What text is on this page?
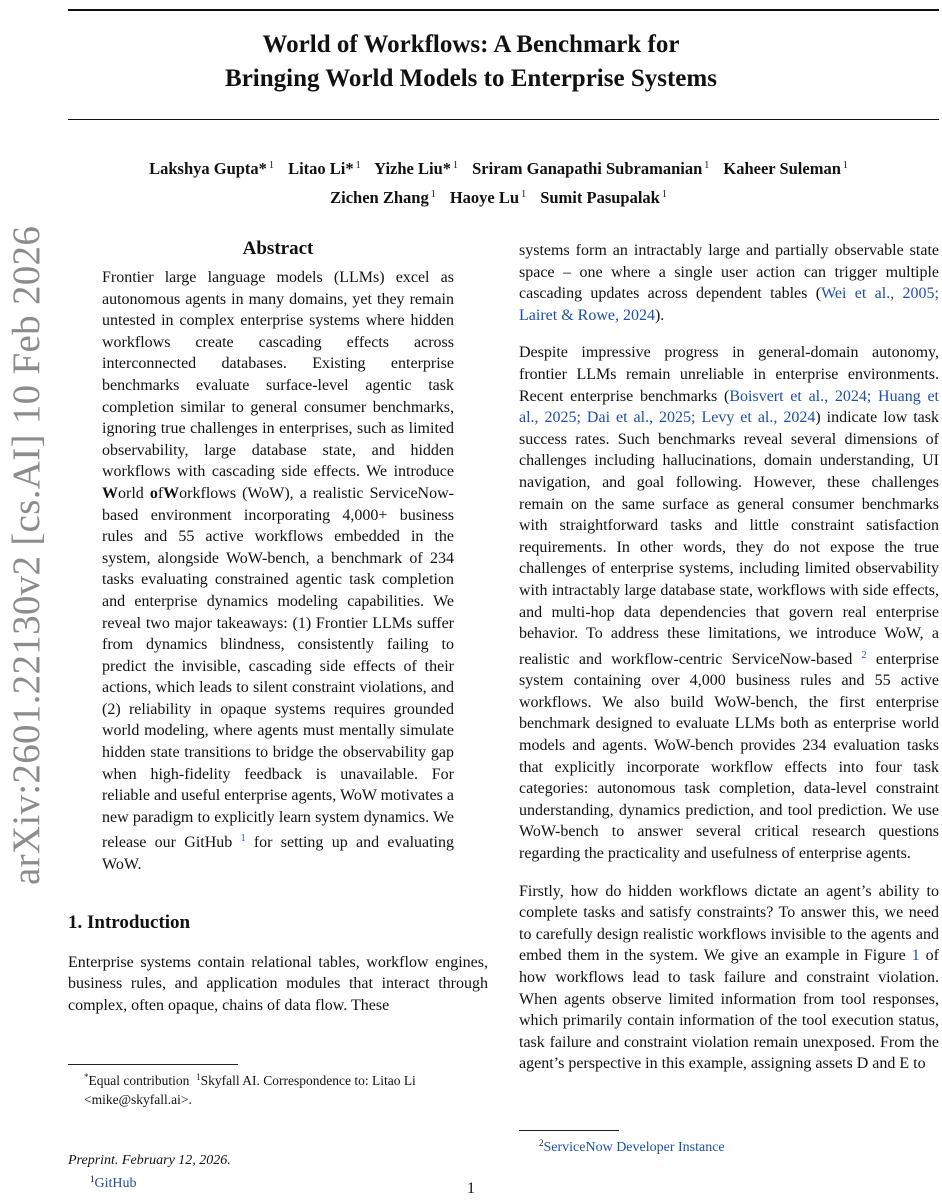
World of Workflows: A Benchmark for
Bringing World Models to Enterprise Systems
Lakshya Gupta* $^1$ Litao Li* $^1$ Yizhe Liu* $^1$ Sriram Ganapathi Subramanian $^1$ Kaheer Suleman $^1$
Zichen Zhang $^1$ Haoye Lu $^1$ Sumit Pasupalak $^1$
arXiv:2601.22130v2 [cs.AI] 10 Feb 2026	Abstract
Frontier large language models (LLMs) excel as autonomous agents in many domains, yet they remain untested in complex enterprise systems where hidden workflows create cascading effects across interconnected databases. Existing enterprise benchmarks evaluate surface-level agentic task completion similar to general consumer benchmarks, ignoring true challenges in enterprises, such as limited observability, large database state, and hidden workflows with cascading side effects. We introduce World ofWorkflows (WoW), a realistic ServiceNow-based environment incorporating 4,000+ business rules and 55 active workflows embedded in the system, alongside WoW-bench, a benchmark of 234 tasks evaluating constrained agentic task completion and enterprise dynamics modeling capabilities. We reveal two major takeaways: (1) Frontier LLMs suffer from dynamics blindness, consistently failing to predict the invisible, cascading side effects of their actions, which leads to silent constraint violations, and (2) reliability in opaque systems requires grounded world modeling, where agents must mentally simulate hidden state transitions to bridge the observability gap when high-fidelity feedback is unavailable. For reliable and useful enterprise agents, WoW motivates a new paradigm to explicitly learn system dynamics. We release our GitHub $^1$ for setting up and evaluating WoW.
1. Introduction

Enterprise systems contain relational tables, workflow engines, business rules, and application modules that interact through complex, often opaque, chains of data flow. These

systems form an intractably large and partially observable state space – one where a single user action can trigger multiple cascading updates across dependent tables (Wei et al., 2005; Lairet & Rowe, 2024).

Despite impressive progress in general-domain autonomy, frontier LLMs remain unreliable in enterprise environments. Recent enterprise benchmarks (Boisvert et al., 2024; Huang et al., 2025; Dai et al., 2025; Levy et al., 2024) indicate low task success rates. Such benchmarks reveal several dimensions of challenges including hallucinations, domain understanding, UI navigation, and goal following. However, these challenges remain on the same surface as general consumer benchmarks with straightforward tasks and little constraint satisfaction requirements. In other words, they do not expose the true challenges of enterprise systems, including limited observability with intractably large database state, workflows with side effects, and multi-hop data dependencies that govern real enterprise behavior. To address these limitations, we introduce WoW, a realistic and workflow-centric ServiceNow-based $^2$ enterprise system containing over 4,000 business rules and 55 active workflows. We also build WoW-bench, the first enterprise benchmark designed to evaluate LLMs both as enterprise world models and agents. WoW-bench provides 234 evaluation tasks that explicitly incorporate workflow effects into four task categories: autonomous task completion, data-level constraint understanding, dynamics prediction, and tool prediction. We use WoW-bench to answer several critical research questions regarding the practicality and usefulness of enterprise agents.

Firstly, how do hidden workflows dictate an agent’s ability to complete tasks and satisfy constraints? To answer this, we need to carefully design realistic workflows invisible to the agents and embed them in the system. We give an example in Figure 1 of how workflows lead to task failure and constraint violation. When agents observe limited information from tool responses, which primarily contain information of the tool execution status, task failure and constraint violation remain unexposed. From the agent’s perspective in this example, assigning assets D and E to

*Equal contribution $^1$Skyfall AI. Correspondence to: Litao Li <mike@skyfall.ai>.
Preprint. February 12, 2026.
$^1$GitHub
$^2$ServiceNow Developer Instance
1
